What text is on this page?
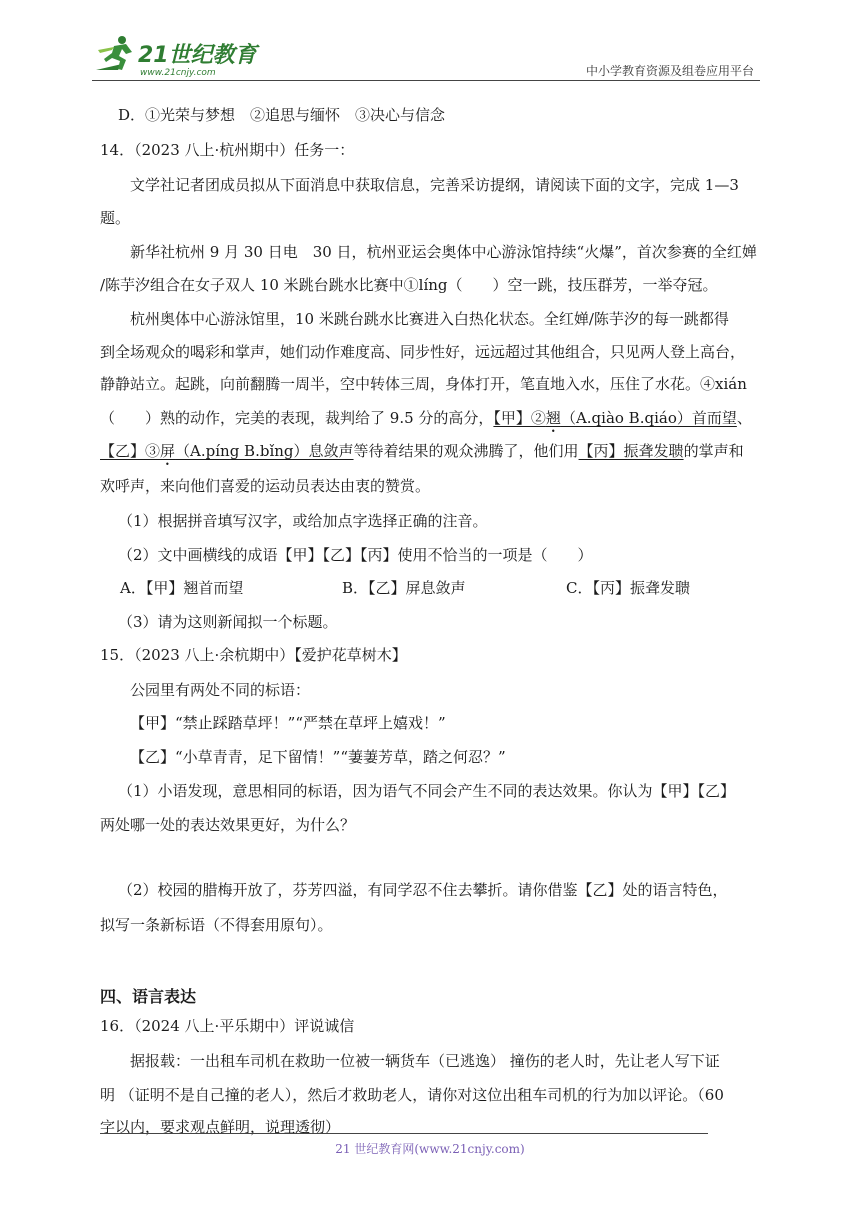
21世纪教育
www.21cnjy.com	中小学教育资源及组卷应用平台
D．①光荣与梦想　②追思与缅怀　③决心与信念
14．（2023 八上·杭州期中）任务一：
文学社记者团成员拟从下面消息中获取信息，完善采访提纲，请阅读下面的文字，完成 1—3
题。
新华社杭州 9 月 30 日电　30 日，杭州亚运会奥体中心游泳馆持续“火爆”，首次参赛的全红婵
/陈芋汐组合在女子双人 10 米跳台跳水比赛中①líng（　　）空一跳，技压群芳，一举夺冠。
杭州奥体中心游泳馆里，10 米跳台跳水比赛进入白热化状态。全红婵/陈芋汐的每一跳都得
到全场观众的喝彩和掌声，她们动作难度高、同步性好，远远超过其他组合，只见两人登上高台，
静静站立。起跳，向前翻腾一周半，空中转体三周，身体打开，笔直地入水，压住了水花。④xián
（　　）熟的动作，完美的表现，裁判给了 9.5 分的高分，【甲】②翘（A.qiào B.qiáo）首而望、
【乙】③屏（A.píng B.bǐng）息敛声等待着结果的观众沸腾了，他们用【丙】振聋发聩的掌声和
欢呼声，来向他们喜爱的运动员表达由衷的赞赏。
（1）根据拼音填写汉字，或给加点字选择正确的注音。
（2）文中画横线的成语【甲】【乙】【丙】使用不恰当的一项是（　　）
A．【甲】翘首而望	B．【乙】屏息敛声	C．【丙】振聋发聩
（3）请为这则新闻拟一个标题。
15．（2023 八上·余杭期中）【爱护花草树木】
公园里有两处不同的标语：
【甲】“禁止踩踏草坪！”“严禁在草坪上嬉戏！”
【乙】“小草青青，足下留情！”“萋萋芳草，踏之何忍？”
（1）小语发现，意思相同的标语，因为语气不同会产生不同的表达效果。你认为【甲】【乙】
两处哪一处的表达效果更好，为什么？
（2）校园的腊梅开放了，芬芳四溢，有同学忍不住去攀折。请你借鉴【乙】处的语言特色，
拟写一条新标语（不得套用原句）。
四、语言表达
16．（2024 八上·平乐期中）评说诚信
据报载：一出租车司机在救助一位被一辆货车（已逃逸） 撞伤的老人时，先让老人写下证
明 （证明不是自己撞的老人），然后才救助老人，请你对这位出租车司机的行为加以评论。（60
字以内，要求观点鲜明，说理透彻）
21 世纪教育网(www.21cnjy.com)
